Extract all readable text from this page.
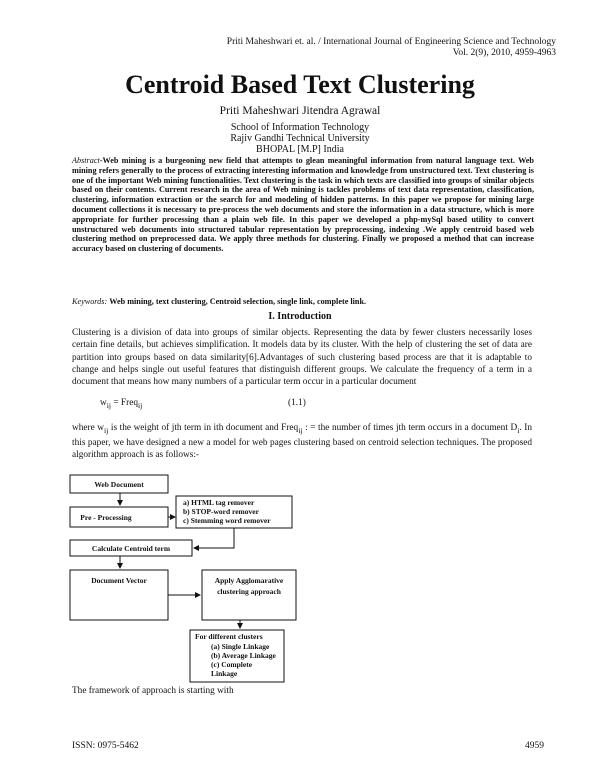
Priti Maheshwari et. al. / International Journal of Engineering Science and Technology
Vol. 2(9), 2010, 4959-4963
Centroid Based Text Clustering
Priti Maheshwari Jitendra Agrawal
School of Information Technology
Rajiv Gandhi Technical University
BHOPAL [M.P] India
Abstract-Web mining is a burgeoning new field that attempts to glean meaningful information from natural language text. Web mining refers generally to the process of extracting interesting information and knowledge from unstructured text. Text clustering is one of the important Web mining functionalities. Text clustering is the task in which texts are classified into groups of similar objects based on their contents. Current research in the area of Web mining is tackles problems of text data representation, classification, clustering, information extraction or the search for and modeling of hidden patterns. In this paper we propose for mining large document collections it is necessary to pre-process the web documents and store the information in a data structure, which is more appropriate for further processing than a plain web file. In this paper we developed a php-mySql based utility to convert unstructured web documents into structured tabular representation by preprocessing, indexing .We apply centroid based web clustering method on preprocessed data. We apply three methods for clustering. Finally we proposed a method that can increase accuracy based on clustering of documents.
Keywords: Web mining, text clustering, Centroid selection, single link, complete link.
I. Introduction
Clustering is a division of data into groups of similar objects. Representing the data by fewer clusters necessarily loses certain fine details, but achieves simplification. It models data by its cluster. With the help of clustering the set of data are partition into groups based on data similarity[6].Advantages of such clustering based process are that it is adaptable to change and helps single out useful features that distinguish different groups. We calculate the frequency of a term in a document that means how many numbers of a particular term occur in a particular document
$w_{ij}$ = Freq$_{ij}$	(1.1)
where $w_{ij}$ is the weight of jth term in ith document and Freq$_{ij}$ : = the number of times jth term occurs in a document $D_i$. In this paper, we have designed a new a model for web pages clustering based on centroid selection techniques. The proposed algorithm approach is as follows:-
Web Document
Pre - Processing
a) HTML tag remover
b) STOP-word remover
c) Stemming word remover
Calculate Centroid term
Document Vector	Apply Agglomarative
clustering approach
For different clusters
(a) Single Linkage
(b) Average Linkage
(c) Complete
Linkage
The framework of approach is starting with
ISSN: 0975-5462	4959
